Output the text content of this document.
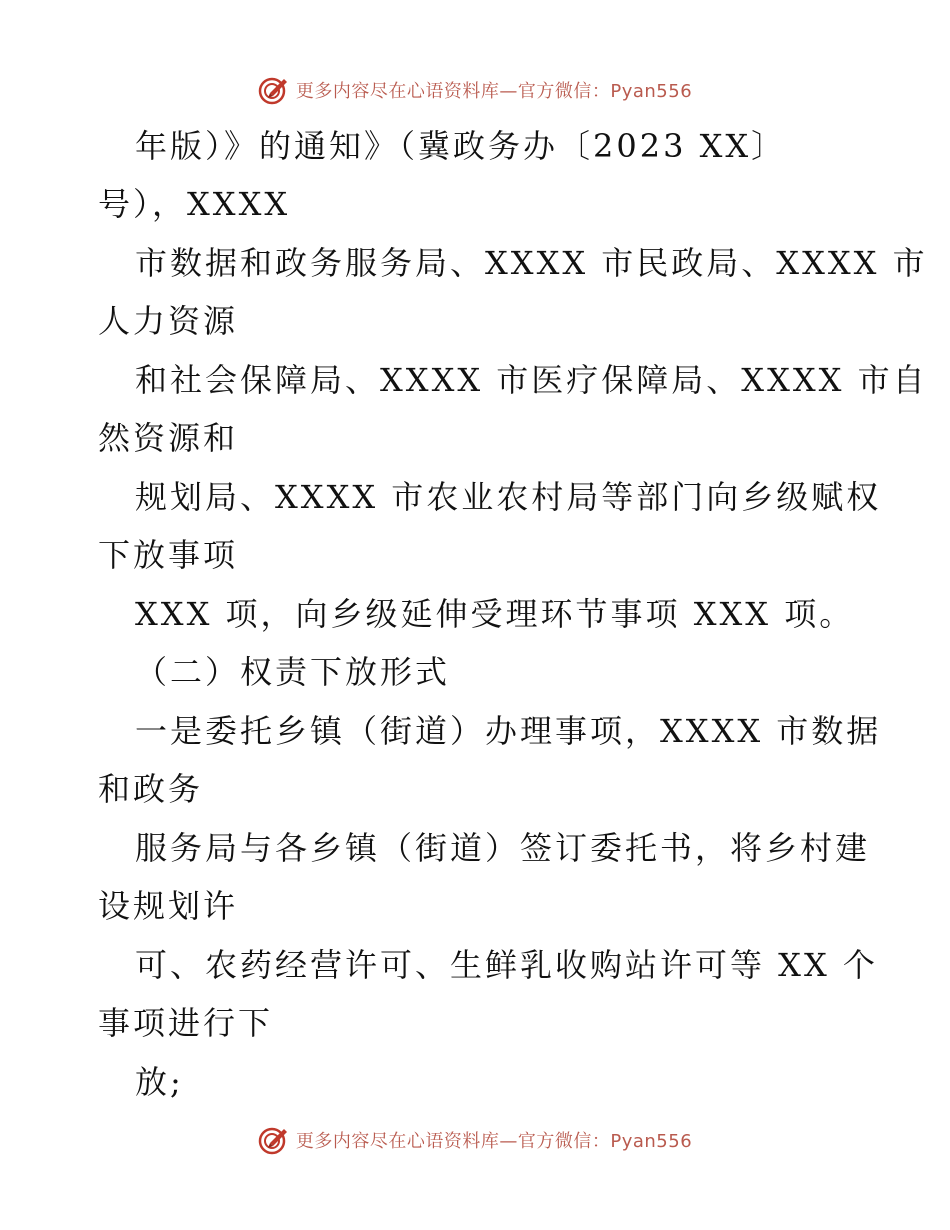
更多内容尽在心语资料库—官方微信：Pyan556
年版）》的通知》（冀政务办〔2023 XX〕
号），XXXX
市数据和政务服务局、XXXX 市民政局、XXXX 市
人力资源
和社会保障局、XXXX 市医疗保障局、XXXX 市自
然资源和
规划局、XXXX 市农业农村局等部门向乡级赋权
下放事项
XXX 项，向乡级延伸受理环节事项 XXX 项。
（二）权责下放形式
一是委托乡镇（街道）办理事项，XXXX 市数据
和政务
服务局与各乡镇（街道）签订委托书，将乡村建
设规划许
可、农药经营许可、生鲜乳收购站许可等 XX 个
事项进行下
放;
更多内容尽在心语资料库—官方微信：Pyan556
